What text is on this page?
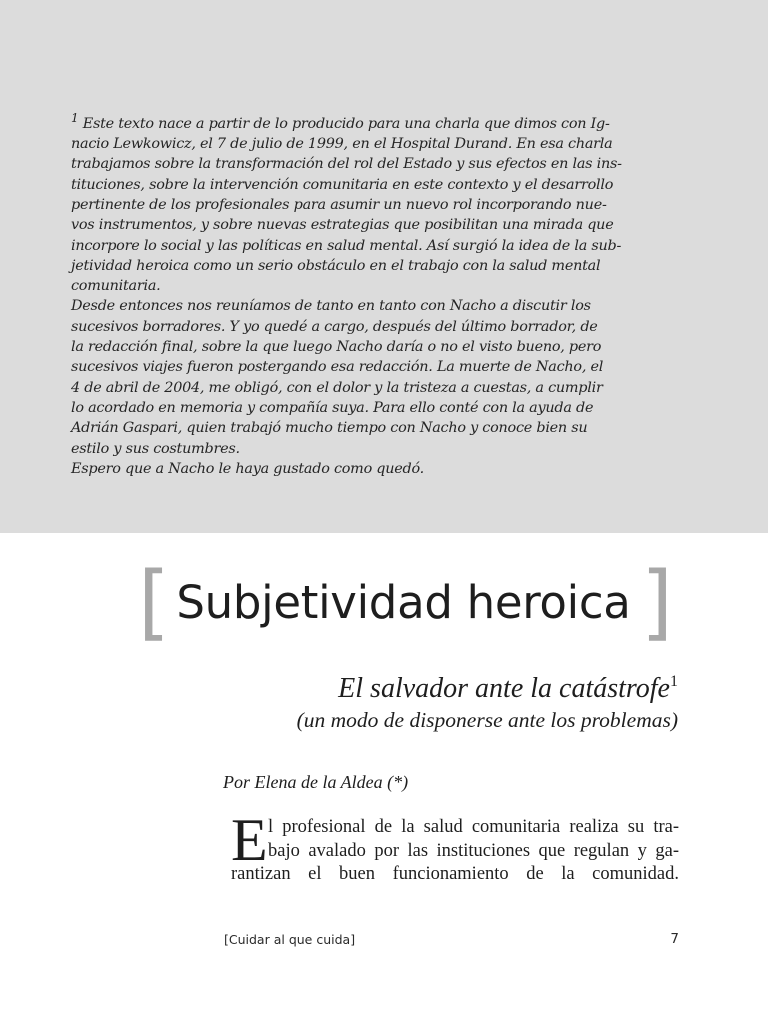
$^1$ Este texto nace a partir de lo producido para una charla que dimos con Ig-
nacio Lewkowicz, el 7 de julio de 1999, en el Hospital Durand. En esa charla
trabajamos sobre la transformación del rol del Estado y sus efectos en las ins-
tituciones, sobre la intervención comunitaria en este contexto y el desarrollo
pertinente de los profesionales para asumir un nuevo rol incorporando nue-
vos instrumentos, y sobre nuevas estrategias que posibilitan una mirada que
incorpore lo social y las políticas en salud mental. Así surgió la idea de la sub-
jetividad heroica como un serio obstáculo en el trabajo con la salud mental
comunitaria.
Desde entonces nos reuníamos de tanto en tanto con Nacho a discutir los
sucesivos borradores. Y yo quedé a cargo, después del último borrador, de
la redacción final, sobre la que luego Nacho daría o no el visto bueno, pero
sucesivos viajes fueron postergando esa redacción. La muerte de Nacho, el
4 de abril de 2004, me obligó, con el dolor y la tristeza a cuestas, a cumplir
lo acordado en memoria y compañía suya. Para ello conté con la ayuda de
Adrián Gaspari, quien trabajó mucho tiempo con Nacho y conoce bien su
estilo y sus costumbres.
Espero que a Nacho le haya gustado como quedó.

[ Subjetividad heroica ]
El salvador ante la catástrofe$^1$

(un modo de disponerse ante los problemas)

Por Elena de la Aldea (*)

E l profesional de la salud comunitaria realiza su tra-
bajo avalado por las instituciones que regulan y ga-
rantizan el buen funcionamiento de la comunidad.

[Cuidar al que cuida]	7
